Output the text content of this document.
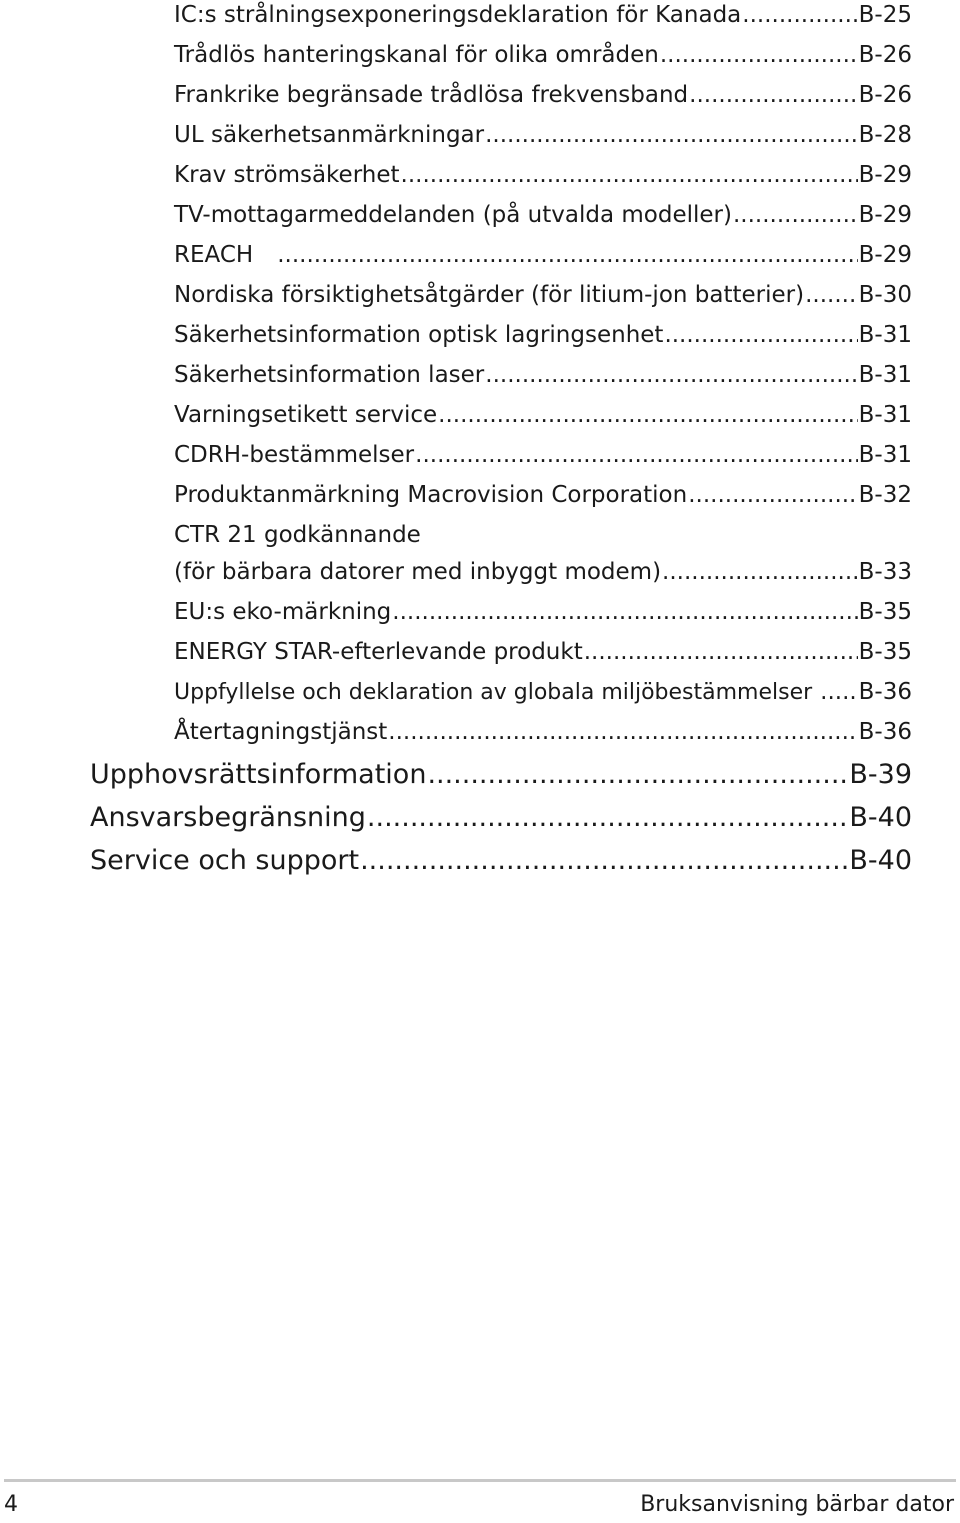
IC:s strålningsexponeringsdeklaration för Kanada .....	B-25
Trådlös hanteringskanal för olika områden .....	B-26
Frankrike begränsade trådlösa frekvensband .....	B-26
UL säkerhetsanmärkningar .....	B-28
Krav strömsäkerhet .....	B-29
TV-mottagarmeddelanden (på utvalda modeller) .....	B-29
REACH .....	B-29
Nordiska försiktighetsåtgärder (för litium-jon batterier) ..... B-30
Säkerhetsinformation optisk lagringsenhet .....	B-31
Säkerhetsinformation laser .....	B-31
Varningsetikett service .....	B-31
CDRH-bestämmelser .....	B-31
Produktanmärkning Macrovision Corporation .....	B-32
CTR 21 godkännande
(för bärbara datorer med inbyggt modem) .....	B-33
EU:s eko-märkning .....	B-35
ENERGY STAR-efterlevande produkt .....	B-35
Uppfyllelse och deklaration av globala miljöbestämmelser ..... B-36
Återtagningstjänst .....	B-36
Upphovsrättsinformation .....	B-39
Ansvarsbegränsning .....	B-40
Service och support .....	B-40
4	Bruksanvisning bärbar dator
